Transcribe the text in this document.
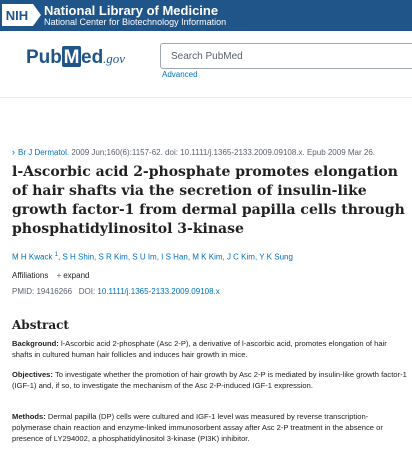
NIH National Library of Medicine
National Center for Biotechnology Information
Pub M ed .gov
Search PubMed
Advanced
› Br J Dermatol. 2009 Jun;160(6):1157-62. doi: 10.1111/j.1365-2133.2009.09108.x. Epub 2009 Mar 26.
l-Ascorbic acid 2-phosphate promotes elongation of hair shafts via the secretion of insulin-like growth factor-1 from dermal papilla cells through phosphatidylinositol 3-kinase
M H Kwack $^1$, S H Shin, S R Kim, S U Im, I S Han, M K Kim, J C Kim, Y K Sung
Affiliations + expand
PMID: 19416266 DOI: 10.1111/j.1365-2133.2009.09108.x
Abstract

Background: l-Ascorbic acid 2-phosphate (Asc 2-P), a derivative of l-ascorbic acid, promotes elongation of hair shafts in cultured human hair follicles and induces hair growth in mice.

Objectives: To investigate whether the promotion of hair growth by Asc 2-P is mediated by insulin-like growth factor-1 (IGF-1) and, if so, to investigate the mechanism of the Asc 2-P-induced IGF-1 expression.

Methods: Dermal papilla (DP) cells were cultured and IGF-1 level was measured by reverse transcription-polymerase chain reaction and enzyme-linked immunosorbent assay after Asc 2-P treatment in the absence or presence of LY294002, a phosphatidylinositol 3-kinase (PI3K) inhibitor.
